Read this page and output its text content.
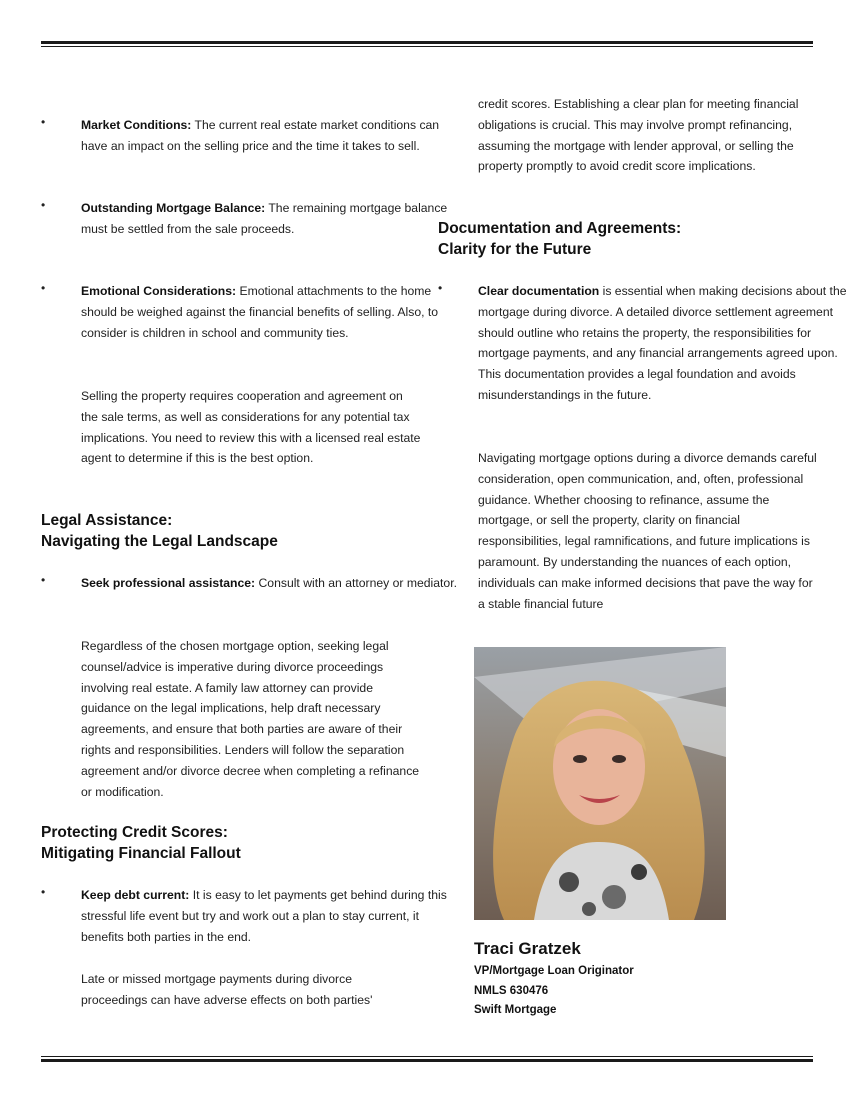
•	Market Conditions: The current real estate market conditions can have an impact on the selling price and the time it takes to sell.

•	Outstanding Mortgage Balance: The remaining mortgage balance must be settled from the sale proceeds.

•	Emotional Considerations: Emotional attachments to the home should be weighed against the financial benefits of selling. Also, to consider is children in school and community ties.

Selling the property requires cooperation and agreement on the sale terms, as well as considerations for any potential tax implications. You need to review this with a licensed real estate agent to determine if this is the best option.

Legal Assistance:
Navigating the Legal Landscape
•	Seek professional assistance: Consult with an attorney or mediator.

Regardless of the chosen mortgage option, seeking legal counsel/advice is imperative during divorce proceedings involving real estate. A family law attorney can provide guidance on the legal implications, help draft necessary agreements, and ensure that both parties are aware of their rights and responsibilities. Lenders will follow the separation agreement and/or divorce decree when completing a refinance or modification.

Protecting Credit Scores:
Mitigating Financial Fallout
•	Keep debt current: It is easy to let payments get behind during this stressful life event but try and work out a plan to stay current, it benefits both parties in the end.

Late or missed mortgage payments during divorce proceedings can have adverse effects on both parties'

credit scores. Establishing a clear plan for meeting financial obligations is crucial. This may involve prompt refinancing, assuming the mortgage with lender approval, or selling the property promptly to avoid credit score implications.

Documentation and Agreements:
Clarity for the Future
•	Clear documentation is essential when making decisions about the mortgage during divorce. A detailed divorce settlement agreement should outline who retains the property, the responsibilities for mortgage payments, and any financial arrangements agreed upon. This documentation provides a legal foundation and avoids misunderstandings in the future.

Navigating mortgage options during a divorce demands careful consideration, open communication, and, often, professional guidance. Whether choosing to refinance, assume the mortgage, or sell the property, clarity on financial responsibilities, legal ramnifications, and future implications is paramount. By understanding the nuances of each option, individuals can make informed decisions that pave the way for a stable financial future

Traci Gratzek
VP/Mortgage Loan Originator
NMLS 630476
Swift Mortgage
